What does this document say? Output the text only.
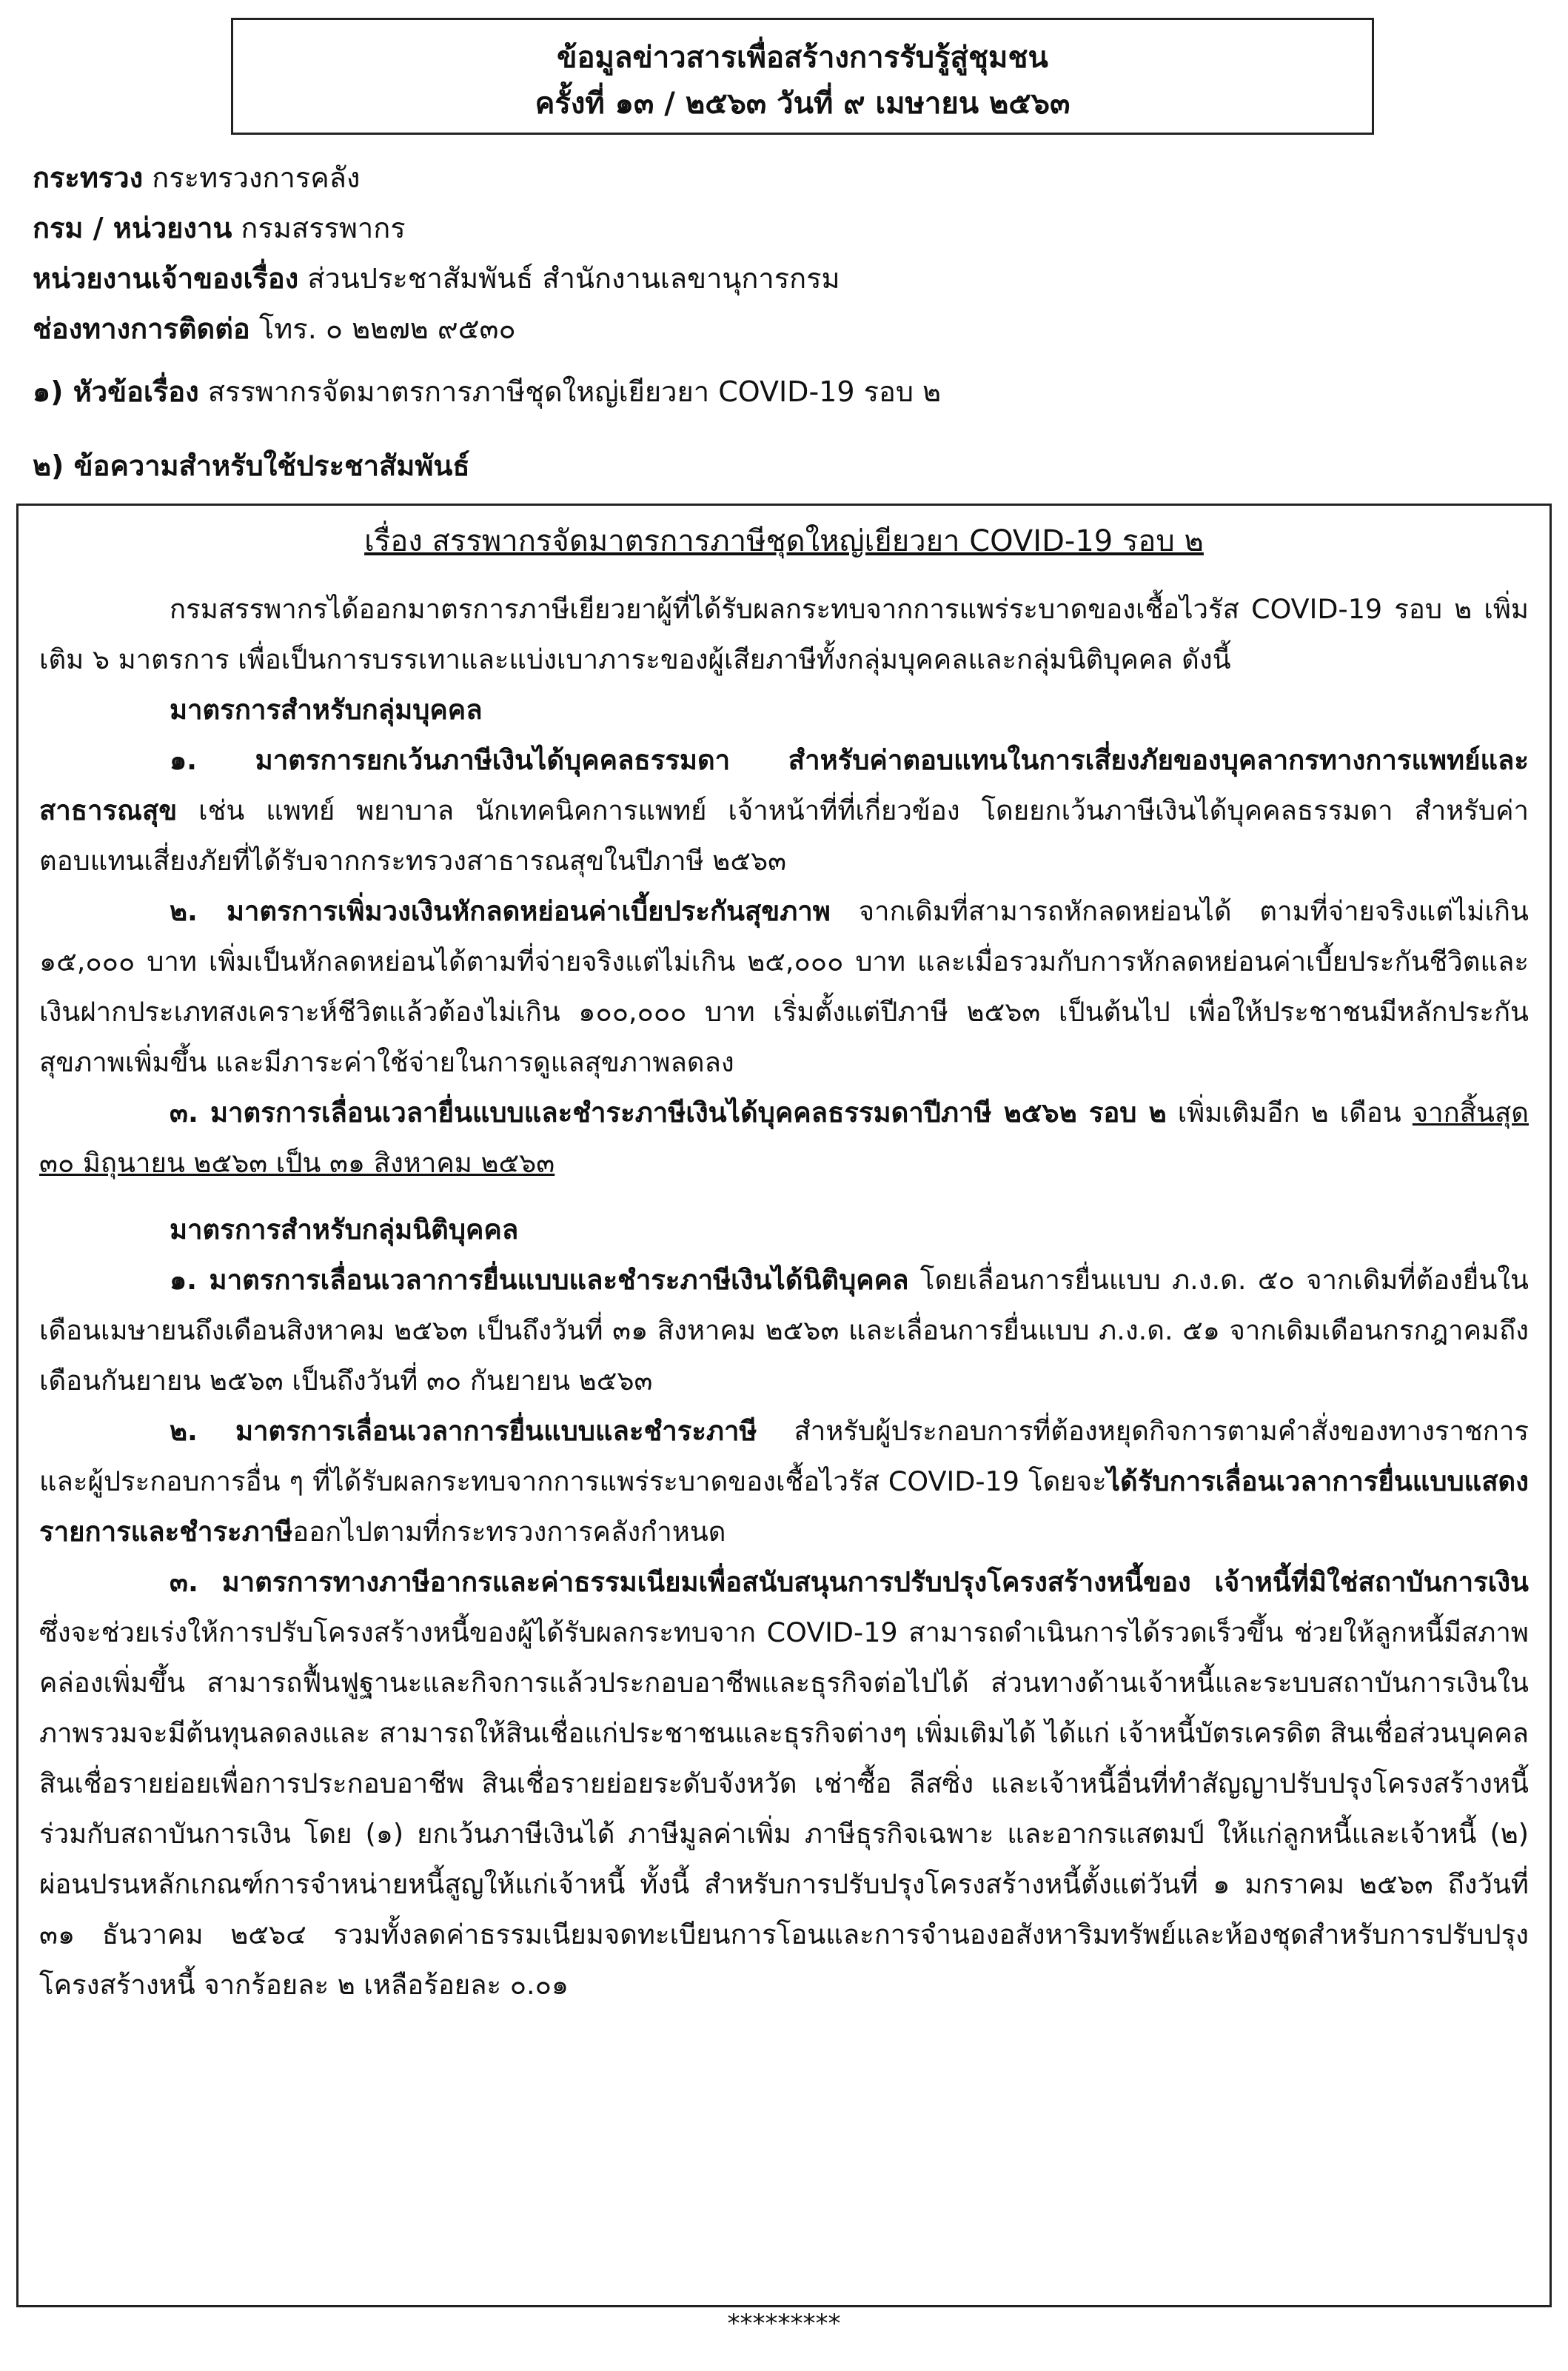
ข้อมูลข่าวสารเพื่อสร้างการรับรู้สู่ชุมชน
ครั้งที่ ๑๓ / ๒๕๖๓ วันที่ ๙ เมษายน ๒๕๖๓
กระทรวง กระทรวงการคลัง
กรม / หน่วยงาน กรมสรรพากร
หน่วยงานเจ้าของเรื่อง ส่วนประชาสัมพันธ์ สำนักงานเลขานุการกรม
ช่องทางการติดต่อ โทร. ๐ ๒๒๗๒ ๙๕๓๐
๑) หัวข้อเรื่อง สรรพากรจัดมาตรการภาษีชุดใหญ่เยียวยา COVID-19 รอบ ๒
๒) ข้อความสำหรับใช้ประชาสัมพันธ์
เรื่อง สรรพากรจัดมาตรการภาษีชุดใหญ่เยียวยา COVID-19 รอบ ๒

กรมสรรพากรได้ออกมาตรการภาษีเยียวยาผู้ที่ได้รับผลกระทบจากการแพร่ระบาดของเชื้อไวรัส COVID-19 รอบ ๒ เพิ่มเติม ๖ มาตรการ เพื่อเป็นการบรรเทาและแบ่งเบาภาระของผู้เสียภาษีทั้งกลุ่มบุคคลและกลุ่มนิติบุคคล ดังนี้

มาตรการสำหรับกลุ่มบุคคล

๑. มาตรการยกเว้นภาษีเงินได้บุคคลธรรมดา สำหรับค่าตอบแทนในการเสี่ยงภัยของบุคลากรทางการแพทย์และสาธารณสุข เช่น แพทย์ พยาบาล นักเทคนิคการแพทย์ เจ้าหน้าที่ที่เกี่ยวข้อง โดยยกเว้นภาษีเงินได้บุคคลธรรมดา สำหรับค่าตอบแทนเสี่ยงภัยที่ได้รับจากกระทรวงสาธารณสุขในปีภาษี ๒๕๖๓

๒. มาตรการเพิ่มวงเงินหักลดหย่อนค่าเบี้ยประกันสุขภาพ จากเดิมที่สามารถหักลดหย่อนได้ ตามที่จ่ายจริงแต่ไม่เกิน ๑๕,๐๐๐ บาท เพิ่มเป็นหักลดหย่อนได้ตามที่จ่ายจริงแต่ไม่เกิน ๒๕,๐๐๐ บาท และเมื่อรวมกับการหักลดหย่อนค่าเบี้ยประกันชีวิตและเงินฝากประเภทสงเคราะห์ชีวิตแล้วต้องไม่เกิน ๑๐๐,๐๐๐ บาท เริ่มตั้งแต่ปีภาษี ๒๕๖๓ เป็นต้นไป เพื่อให้ประชาชนมีหลักประกันสุขภาพเพิ่มขึ้น และมีภาระค่าใช้จ่ายในการดูแลสุขภาพลดลง

๓. มาตรการเลื่อนเวลายื่นแบบและชำระภาษีเงินได้บุคคลธรรมดาปีภาษี ๒๕๖๒ รอบ ๒ เพิ่มเติมอีก ๒ เดือน จากสิ้นสุด ๓๐ มิถุนายน ๒๕๖๓ เป็น ๓๑ สิงหาคม ๒๕๖๓

มาตรการสำหรับกลุ่มนิติบุคคล

๑. มาตรการเลื่อนเวลาการยื่นแบบและชำระภาษีเงินได้นิติบุคคล โดยเลื่อนการยื่นแบบ ภ.ง.ด. ๕๐ จากเดิมที่ต้องยื่นในเดือนเมษายนถึงเดือนสิงหาคม ๒๕๖๓ เป็นถึงวันที่ ๓๑ สิงหาคม ๒๕๖๓ และเลื่อนการยื่นแบบ ภ.ง.ด. ๕๑ จากเดิมเดือนกรกฎาคมถึงเดือนกันยายน ๒๕๖๓ เป็นถึงวันที่ ๓๐ กันยายน ๒๕๖๓

๒. มาตรการเลื่อนเวลาการยื่นแบบและชำระภาษี สำหรับผู้ประกอบการที่ต้องหยุดกิจการตามคำสั่งของทางราชการ และผู้ประกอบการอื่น ๆ ที่ได้รับผลกระทบจากการแพร่ระบาดของเชื้อไวรัส COVID-19 โดยจะได้รับการเลื่อนเวลาการยื่นแบบแสดงรายการและชำระภาษีออกไปตามที่กระทรวงการคลังกำหนด

๓. มาตรการทางภาษีอากรและค่าธรรมเนียมเพื่อสนับสนุนการปรับปรุงโครงสร้างหนี้ของ เจ้าหนี้ที่มิใช่สถาบันการเงิน ซึ่งจะช่วยเร่งให้การปรับโครงสร้างหนี้ของผู้ได้รับผลกระทบจาก COVID-19 สามารถดำเนินการได้รวดเร็วขึ้น ช่วยให้ลูกหนี้มีสภาพคล่องเพิ่มขึ้น สามารถฟื้นฟูฐานะและกิจการแล้วประกอบอาชีพและธุรกิจต่อไปได้ ส่วนทางด้านเจ้าหนี้และระบบสถาบันการเงินในภาพรวมจะมีต้นทุนลดลงและ สามารถให้สินเชื่อแก่ประชาชนและธุรกิจต่างๆ เพิ่มเติมได้ ได้แก่ เจ้าหนี้บัตรเครดิต สินเชื่อส่วนบุคคล สินเชื่อรายย่อยเพื่อการประกอบอาชีพ สินเชื่อรายย่อยระดับจังหวัด เช่าซื้อ ลีสซิ่ง และเจ้าหนี้อื่นที่ทำสัญญาปรับปรุงโครงสร้างหนี้ร่วมกับสถาบันการเงิน โดย (๑) ยกเว้นภาษีเงินได้ ภาษีมูลค่าเพิ่ม ภาษีธุรกิจเฉพาะ และอากรแสตมป์ ให้แก่ลูกหนี้และเจ้าหนี้ (๒) ผ่อนปรนหลักเกณฑ์การจำหน่ายหนี้สูญให้แก่เจ้าหนี้ ทั้งนี้ สำหรับการปรับปรุงโครงสร้างหนี้ตั้งแต่วันที่ ๑ มกราคม ๒๕๖๓ ถึงวันที่ ๓๑ ธันวาคม ๒๕๖๔ รวมทั้งลดค่าธรรมเนียมจดทะเบียนการโอนและการจำนองอสังหาริมทรัพย์และห้องชุดสำหรับการปรับปรุงโครงสร้างหนี้ จากร้อยละ ๒ เหลือร้อยละ ๐.๐๑

*********
